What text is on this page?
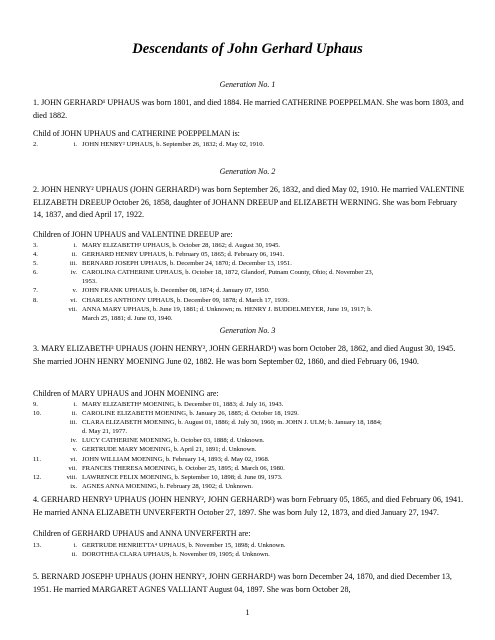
Descendants of John Gerhard Uphaus
Generation No. 1
1. JOHN GERHARD¹ UPHAUS was born 1801, and died 1884. He married CATHERINE POEPPELMAN. She was born 1803, and died 1882.
Child of JOHN UPHAUS and CATHERINE POEPPELMAN is:
2.	i. JOHN HENRY² UPHAUS, b. September 26, 1832; d. May 02, 1910.
Generation No. 2
2. JOHN HENRY² UPHAUS (JOHN GERHARD¹) was born September 26, 1832, and died May 02, 1910. He married VALENTINE ELIZABETH DREEUP October 26, 1858, daughter of JOHANN DREEUP and ELIZABETH WERNING. She was born February 14, 1837, and died April 17, 1922.
Children of JOHN UPHAUS and VALENTINE DREEUP are:
3.	i. MARY ELIZABETH³ UPHAUS, b. October 28, 1862; d. August 30, 1945.
4.	ii. GERHARD HENRY UPHAUS, b. February 05, 1865; d. February 06, 1941.
5.	iii. BERNARD JOSEPH UPHAUS, b. December 24, 1870; d. December 13, 1951.
6.	iv. CAROLINA CATHERINE UPHAUS, b. October 18, 1872, Glandorf, Putnam County, Ohio; d. November 23,
1953.
7.	v. JOHN FRANK UPHAUS, b. December 08, 1874; d. January 07, 1950.
8.	vi. CHARLES ANTHONY UPHAUS, b. December 09, 1878; d. March 17, 1939.
vii. ANNA MARY UPHAUS, b. June 19, 1881; d. Unknown; m. HENRY J. BUDDELMEYER, June 19, 1917; b.
March 25, 1881; d. June 03, 1940.
Generation No. 3
3. MARY ELIZABETH³ UPHAUS (JOHN HENRY², JOHN GERHARD¹) was born October 28, 1862, and died August 30, 1945. She married JOHN HENRY MOENING June 02, 1882. He was born September 02, 1860, and died February 06, 1940.
Children of MARY UPHAUS and JOHN MOENING are:
9.	i. MARY ELIZABETH⁴ MOENING, b. December 01, 1883; d. July 16, 1943.
10.	ii. CAROLINE ELIZABETH MOENING, b. January 26, 1885; d. October 18, 1929.
iii. CLARA ELIZABETH MOENING, b. August 01, 1886; d. July 30, 1960; m. JOHN J. ULM; b. January 18, 1884;
d. May 21, 1977.
iv. LUCY CATHERINE MOENING, b. October 03, 1888; d. Unknown.
v. GERTRUDE MARY MOENING, b. April 21, 1891; d. Unknown.
11.	vi. JOHN WILLIAM MOENING, b. February 14, 1893; d. May 02, 1968.
vii. FRANCES THERESA MOENING, b. October 25, 1895; d. March 06, 1980.
12.	viii. LAWRENCE FELIX MOENING, b. September 10, 1898; d. June 09, 1973.
ix. AGNES ANNA MOENING, b. February 28, 1902; d. Unknown.
4. GERHARD HENRY³ UPHAUS (JOHN HENRY², JOHN GERHARD¹) was born February 05, 1865, and died February 06, 1941. He married ANNA ELIZABETH UNVERFERTH October 27, 1897. She was born July 12, 1873, and died January 27, 1947.
Children of GERHARD UPHAUS and ANNA UNVERFERTH are:
13.	i. GERTRUDE HENRIETTA⁴ UPHAUS, b. November 15, 1898; d. Unknown.
ii. DOROTHEA CLARA UPHAUS, b. November 09, 1905; d. Unknown.
5. BERNARD JOSEPH³ UPHAUS (JOHN HENRY², JOHN GERHARD¹) was born December 24, 1870, and died December 13, 1951. He married MARGARET AGNES VALLIANT August 04, 1897. She was born October 28,
1
